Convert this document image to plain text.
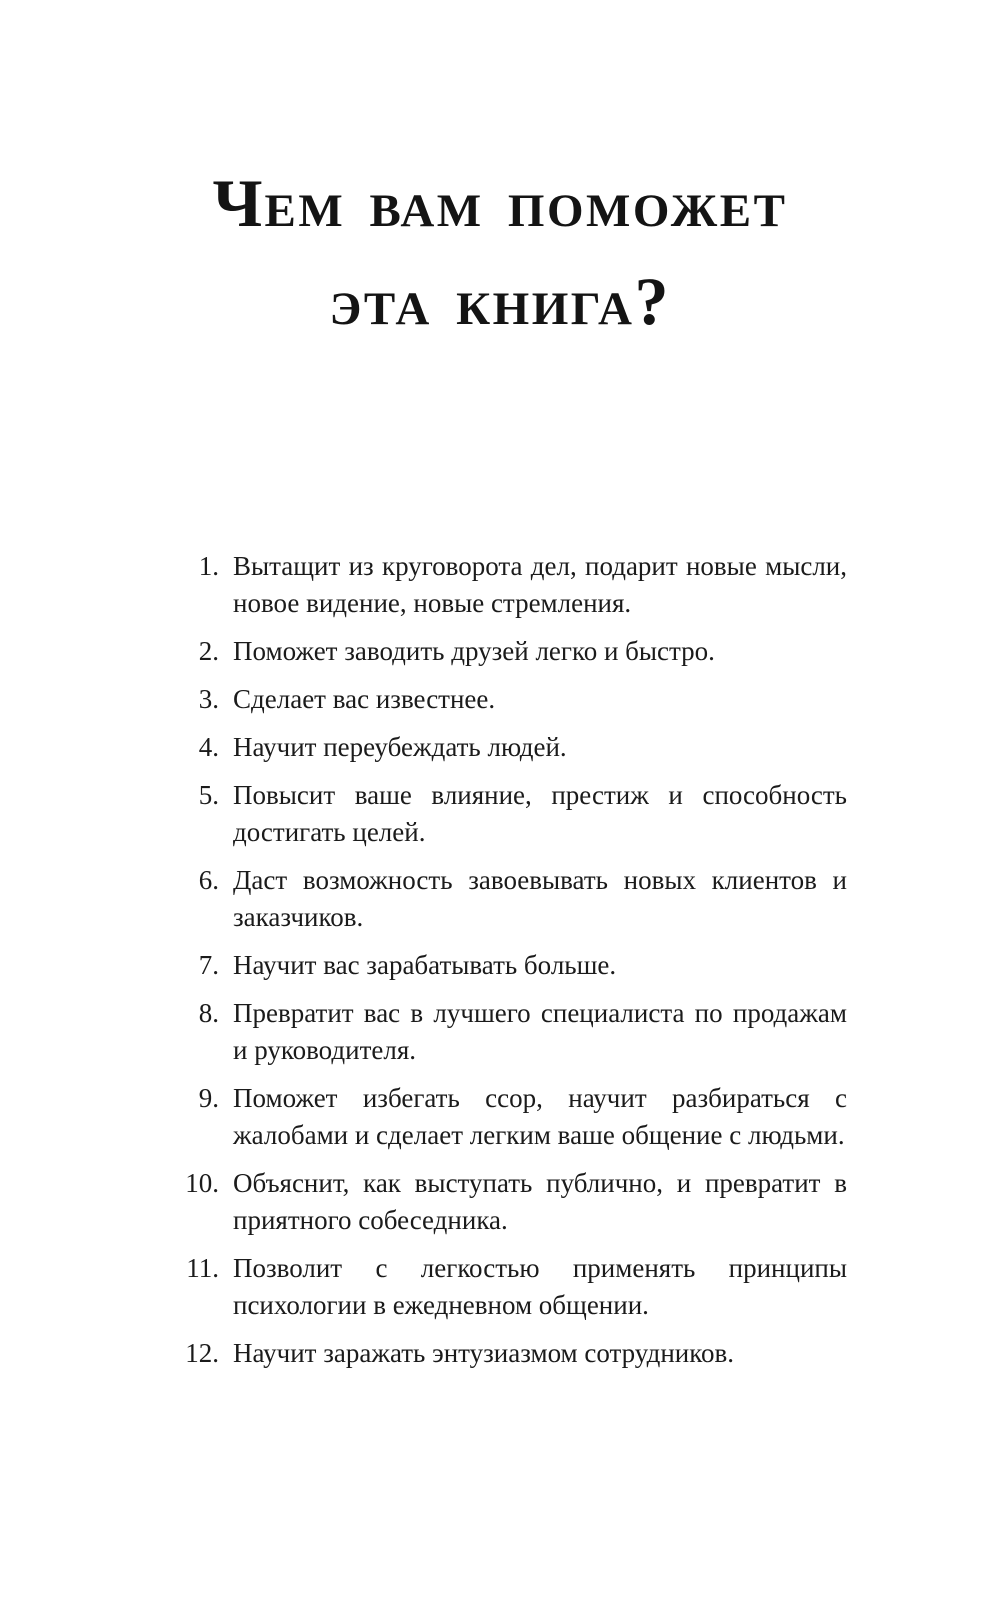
ЧЕМ ВАМ ПОМОЖЕТ
ЭТА КНИГА?
1. Вытащит из круговорота дел, подарит новые мысли, новое видение, новые стремления.
2. Поможет заводить друзей легко и быстро.
3. Сделает вас известнее.
4. Научит переубеждать людей.
5. Повысит ваше влияние, престиж и способность достигать целей.
6. Даст возможность завоевывать новых клиентов и заказчиков.
7. Научит вас зарабатывать больше.
8. Превратит вас в лучшего специалиста по продажам и руководителя.
9. Поможет избегать ссор, научит разбираться с жалобами и сделает легким ваше общение с людьми.
10. Объяснит, как выступать публично, и превратит в приятного собеседника.
11. Позволит с легкостью применять принципы психологии в ежедневном общении.
12. Научит заражать энтузиазмом сотрудников.
